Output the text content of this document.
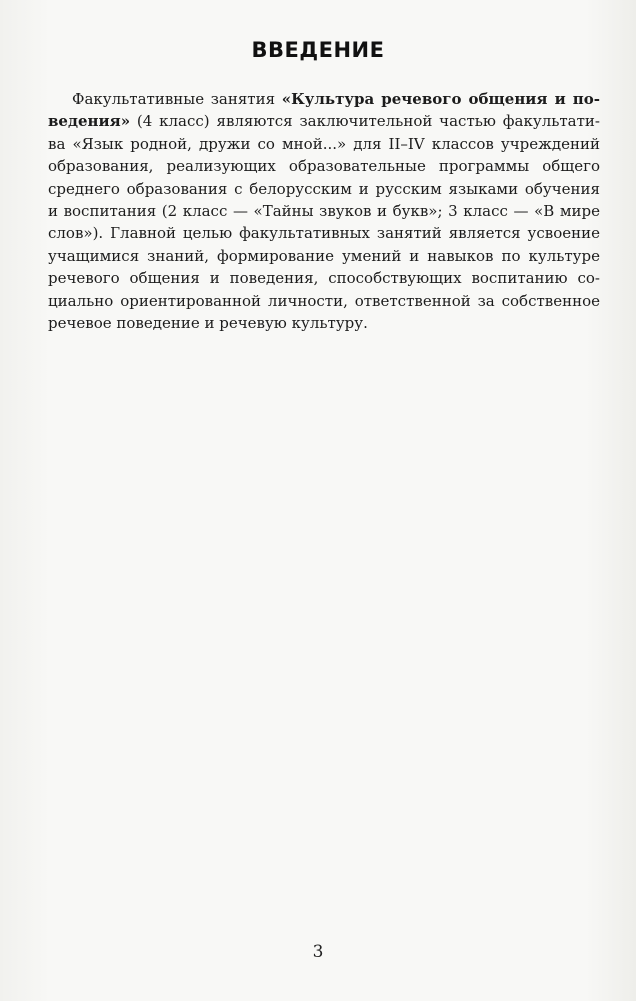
ВВЕДЕНИЕ
Факультативные занятия «Культура речевого общения и по-
ведения» (4 класс) являются заключительной частью факультати-
ва «Язык родной, дружи со мной...» для II–IV классов учреждений
образования, реализующих образовательные программы общего
среднего образования с белорусским и русским языками обучения
и воспитания (2 класс — «Тайны звуков и букв»; 3 класс — «В мире
слов»). Главной целью факультативных занятий является усвоение
учащимися знаний, формирование умений и навыков по культуре
речевого общения и поведения, способствующих воспитанию со-
циально ориентированной личности, ответственной за собственное
речевое поведение и речевую культуру.
3
